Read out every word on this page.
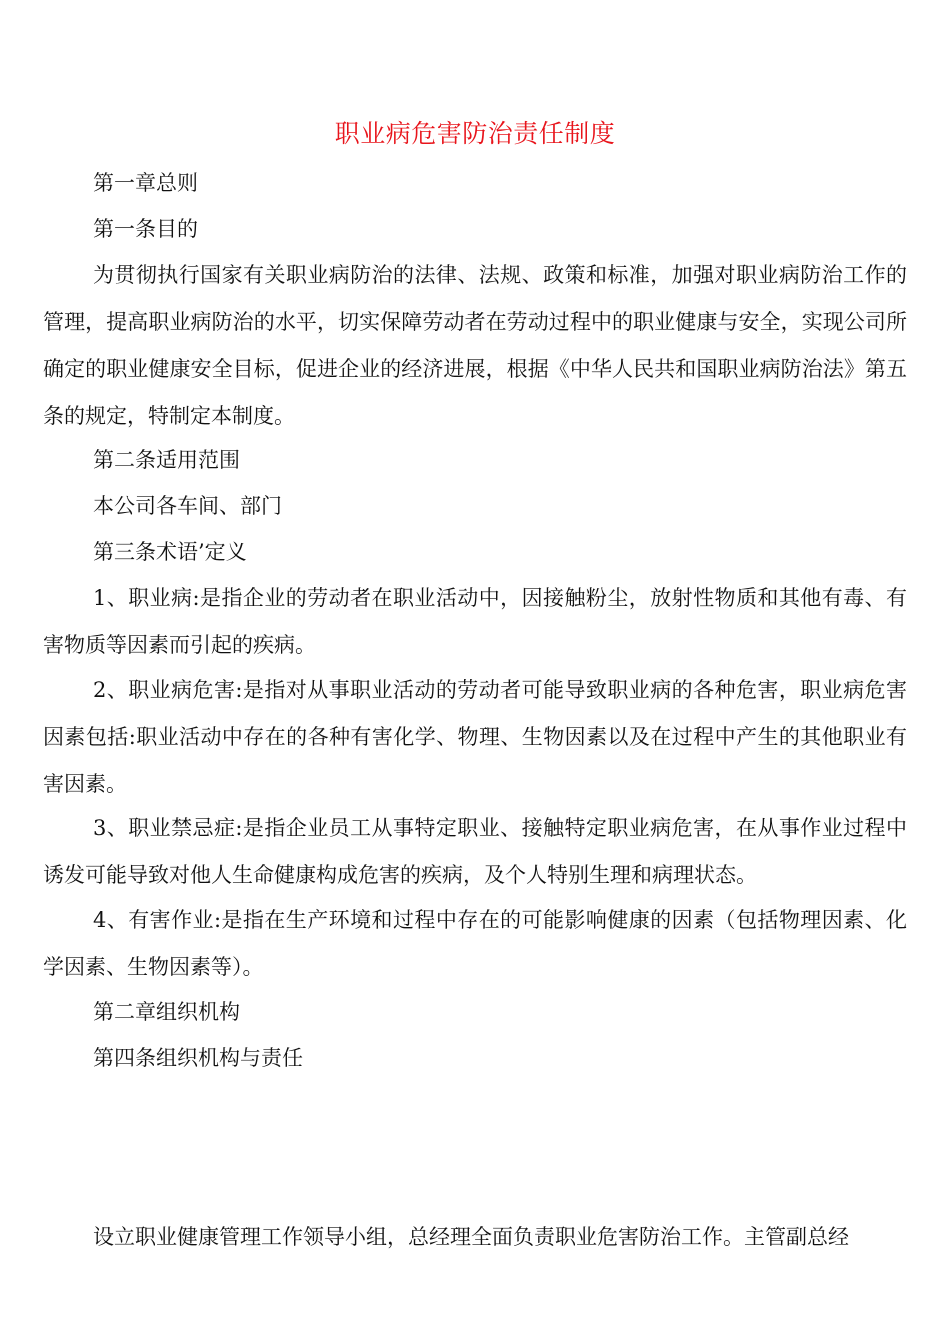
职业病危害防治责任制度

第一章总则

第一条目的

为贯彻执行国家有关职业病防治的法律、法规、政策和标准，加强对职业病防治工作的管理，提高职业病防治的水平，切实保障劳动者在劳动过程中的职业健康与安全，实现公司所确定的职业健康安全目标，促进企业的经济进展，根据《中华人民共和国职业病防治法》第五条的规定，特制定本制度。

第二条适用范围

本公司各车间、部门

第三条术语’定义

1、职业病:是指企业的劳动者在职业活动中，因接触粉尘，放射性物质和其他有毒、有害物质等因素而引起的疾病。

2、职业病危害:是指对从事职业活动的劳动者可能导致职业病的各种危害，职业病危害因素包括:职业活动中存在的各种有害化学、物理、生物因素以及在过程中产生的其他职业有害因素。

3、职业禁忌症:是指企业员工从事特定职业、接触特定职业病危害，在从事作业过程中诱发可能导致对他人生命健康构成危害的疾病，及个人特别生理和病理状态。

4、有害作业:是指在生产环境和过程中存在的可能影响健康的因素（包括物理因素、化学因素、生物因素等）。

第二章组织机构

第四条组织机构与责任

设立职业健康管理工作领导小组，总经理全面负责职业危害防治工作。主管副总经
